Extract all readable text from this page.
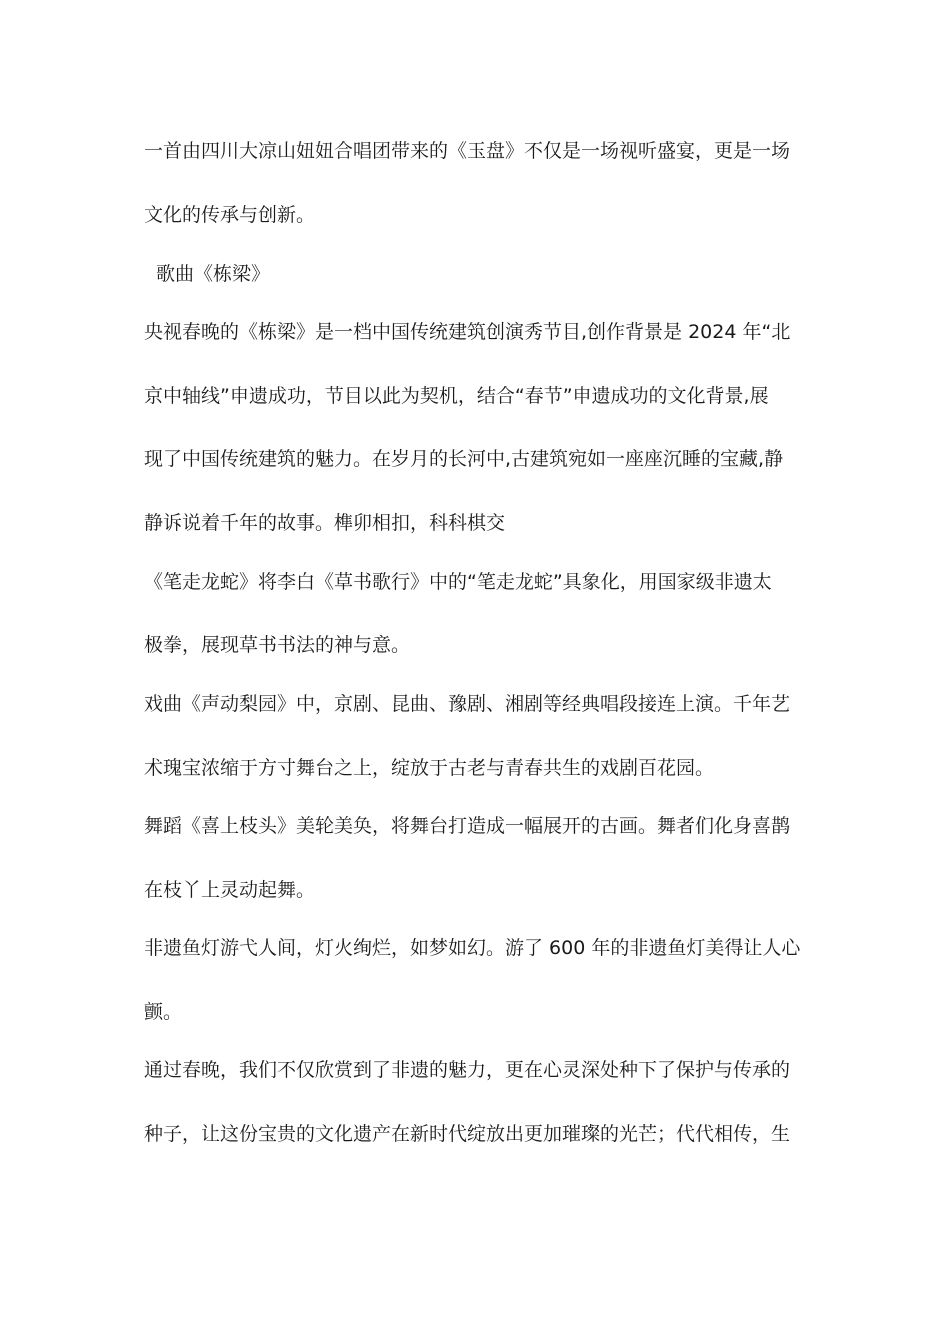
一首由四川大凉山妞妞合唱团带来的《玉盘》不仅是一场视听盛宴，更是一场
文化的传承与创新。
歌曲《栋梁》
央视春晚的《栋梁》是一档中国传统建筑创演秀节目,创作背景是 2024 年“北
京中轴线”申遗成功，节目以此为契机，结合“春节”申遗成功的文化背景,展
现了中国传统建筑的魅力。在岁月的长河中,古建筑宛如一座座沉睡的宝藏,静
静诉说着千年的故事。榫卯相扣，科科棋交
《笔走龙蛇》将李白《草书歌行》中的“笔走龙蛇”具象化，用国家级非遗太
极拳，展现草书书法的神与意。
戏曲《声动梨园》中，京剧、昆曲、豫剧、湘剧等经典唱段接连上演。千年艺
术瑰宝浓缩于方寸舞台之上，绽放于古老与青春共生的戏剧百花园。
舞蹈《喜上枝头》美轮美奂，将舞台打造成一幅展开的古画。舞者们化身喜鹊
在枝丫上灵动起舞。
非遗鱼灯游弋人间，灯火绚烂，如梦如幻。游了 600 年的非遗鱼灯美得让人心
颤。
通过春晚，我们不仅欣赏到了非遗的魅力，更在心灵深处种下了保护与传承的
种子，让这份宝贵的文化遗产在新时代绽放出更加璀璨的光芒；代代相传，生
